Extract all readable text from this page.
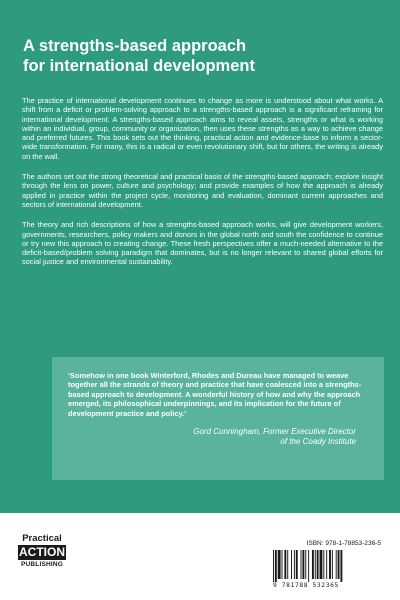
A strengths-based approach
for international development

The practice of international development continues to change as more is understood about what works. A shift from a deficit or problem-solving approach to a strengths-based approach is a significant reframing for international development. A strengths-based approach aims to reveal assets, strengths or what is working within an individual, group, community or organization, then uses these strengths as a way to achieve change and preferred futures. This book sets out the thinking, practical action and evidence-base to inform a sector-wide transformation. For many, this is a radical or even revolutionary shift, but for others, the writing is already on the wall.

The authors set out the strong theoretical and practical basis of the strengths-based approach; explore insight through the lens on power, culture and psychology; and provide examples of how the approach is already applied in practice within the project cycle, monitoring and evaluation, dominant current approaches and sectors of international development.

The theory and rich descriptions of how a strengths-based approach works, will give development workers, governments, researchers, policy makers and donors in the global north and south the confidence to continue or try new this approach to creating change. These fresh perspectives offer a much-needed alternative to the deficit-based/problem solving paradigm that dominates, but is no longer relevant to shared global efforts for social justice and environmental sustainability.

‘Somehow in one book Winterford, Rhodes and Dureau have managed to weave together all the strands of theory and practice that have coalesced into a strengths-based approach to development. A wonderful history of how and why the approach emerged, its philosophical underpinnings, and its implication for the future of development practice and policy.’

Gord Cunningham, Former Executive Director
of the Coady Institute

Practical
ACTION
PUBLISHING
ISBN: 978-1-78853-236-5
9 781788 532365
